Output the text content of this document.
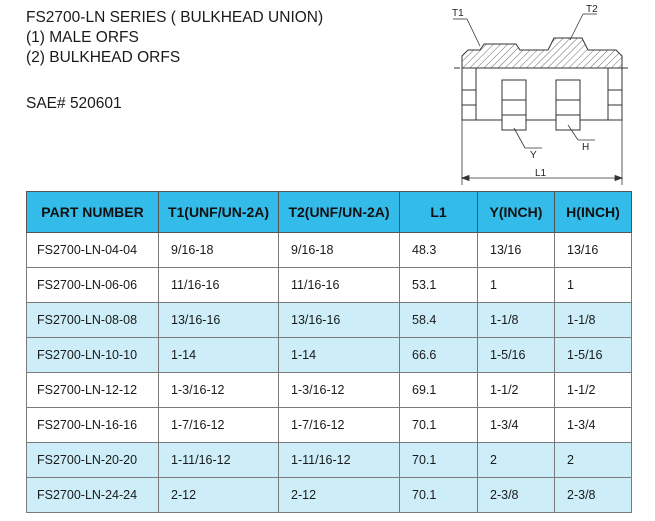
FS2700-LN SERIES ( BULKHEAD UNION)
(1) MALE ORFS
(2) BULKHEAD ORFS
SAE# 520601
T1	T2
Y
H
L1
PART NUMBER	T1(UNF/UN-2A)	T2(UNF/UN-2A)	L1	Y(INCH)	H(INCH)
FS2700-LN-04-04	9/16-18	9/16-18	48.3	13/16	13/16
FS2700-LN-06-06	11/16-16	11/16-16	53.1	1	1
FS2700-LN-08-08	13/16-16	13/16-16	58.4	1-1/8	1-1/8
FS2700-LN-10-10	1-14	1-14	66.6	1-5/16	1-5/16
FS2700-LN-12-12	1-3/16-12	1-3/16-12	69.1	1-1/2	1-1/2
FS2700-LN-16-16	1-7/16-12	1-7/16-12	70.1	1-3/4	1-3/4
FS2700-LN-20-20	1-11/16-12	1-11/16-12	70.1	2	2
FS2700-LN-24-24	2-12	2-12	70.1	2-3/8	2-3/8
